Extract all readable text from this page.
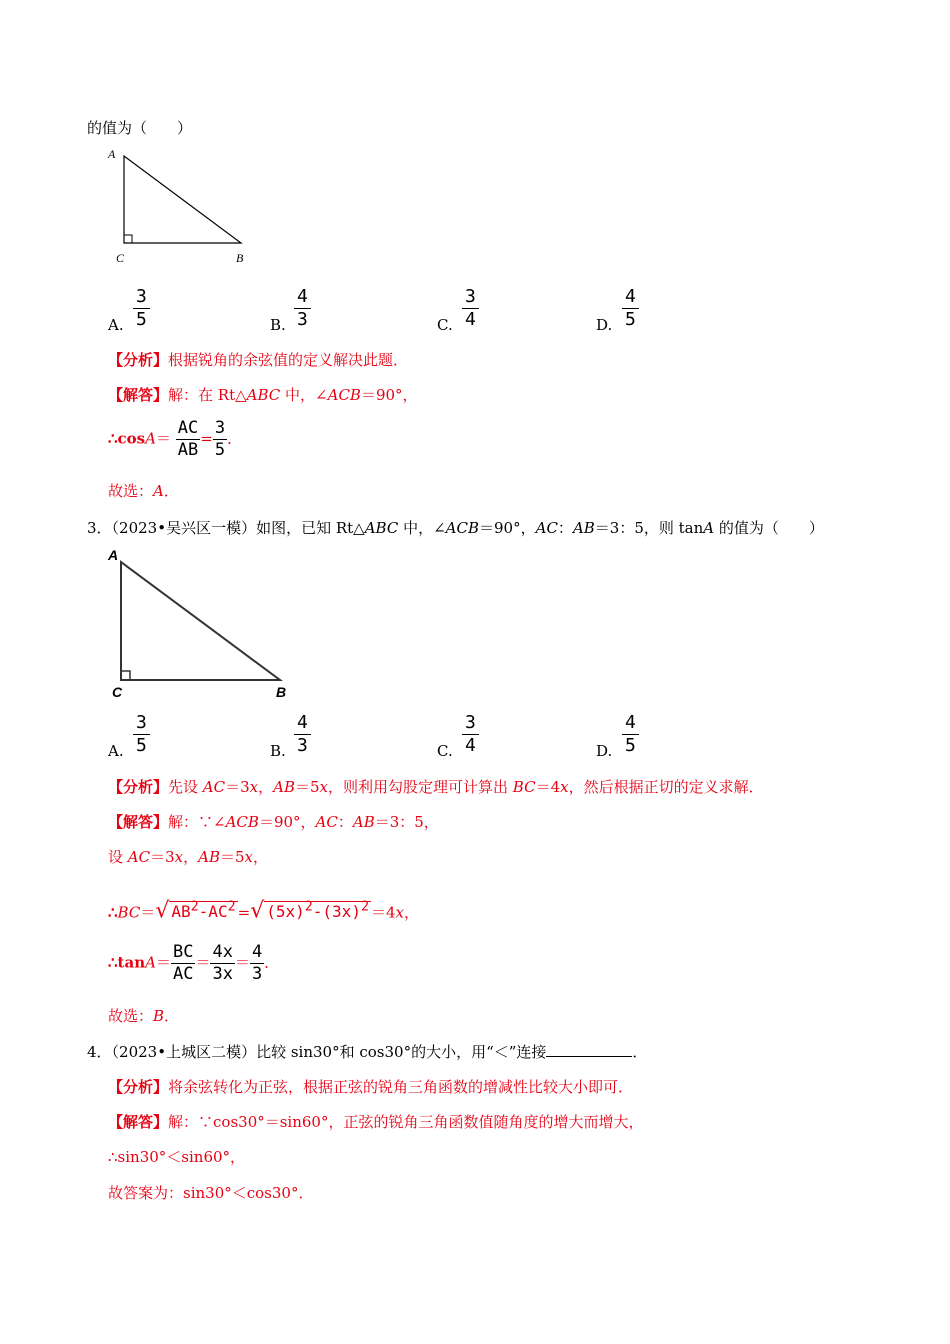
的值为（　　）
A
C	B
A. $\frac{3}{5}$	B. $\frac{4}{3}$	C. $\frac{3}{4}$	D. $\frac{4}{5}$
【分析】根据锐角的余弦值的定义解决此题．
【解答】解：在 Rt△ABC 中，∠ACB＝90°，
∴cosA＝ $\frac{AC}{AB} = \frac{3}{5}$ ．
故选：A．
3．（2023•吴兴区一模）如图，已知 Rt△ABC 中，∠ACB＝90°，AC：AB＝3：5，则 tanA 的值为（　　）
A
C	B
A. $\frac{3}{5}$	B. $\frac{4}{3}$	C. $\frac{3}{4}$	D. $\frac{4}{5}$
【分析】先设 AC＝3x，AB＝5x，则利用勾股定理可计算出 BC＝4x，然后根据正切的定义求解．
【解答】解：∵∠ACB＝90°，AC：AB＝3：5，
设 AC＝3x，AB＝5x，
∴BC＝√ $AB^2-AC^2$ =√ $(5x)^2-(3x)^2 =4x$，
∴tanA＝ $\frac{BC}{AC} = \frac{4x}{3x} = \frac{4}{3}$ ．
故选：B．
4．（2023•上城区二模）比较 sin30°和 cos30°的大小，用“＜”连接	．
【分析】将余弦转化为正弦，根据正弦的锐角三角函数的增减性比较大小即可．
【解答】解：∵cos30°＝sin60°，正弦的锐角三角函数值随角度的增大而增大，
∴sin30°＜sin60°，
故答案为：sin30°＜cos30°．
